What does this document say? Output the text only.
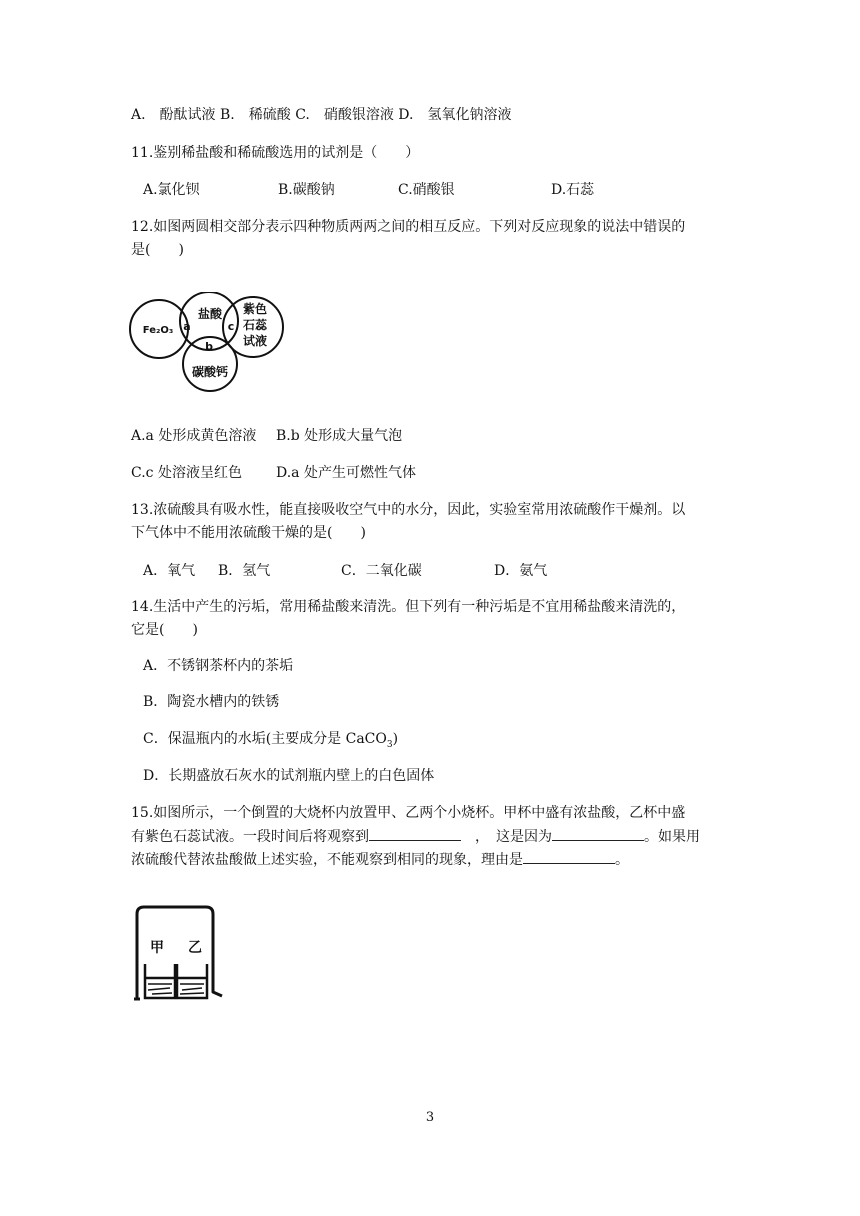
A.　酚酞试液 B.　稀硫酸 C.　硝酸银溶液 D.　氢氧化钠溶液
11.鉴别稀盐酸和稀硫酸选用的试剂是（　　）
A.氯化钡	B.碳酸钠	C.硝酸银	D.石蕊
12.如图两圆相交部分表示四种物质两两之间的相互反应。下列对反应现象的说法中错误的
是(　　)
Fe₂O₃
盐酸 紫色
石蕊
试液
碳酸钙
a
b
c
A.a 处形成黄色溶液 B.b 处形成大量气泡
C.c 处溶液呈红色 D.a 处产生可燃性气体
13.浓硫酸具有吸水性，能直接吸收空气中的水分，因此，实验室常用浓硫酸作干燥剂。以
下气体中不能用浓硫酸干燥的是(　　)
A．氧气 B．氢气	C．二氧化碳	D．氨气
14.生活中产生的污垢，常用稀盐酸来清洗。但下列有一种污垢是不宜用稀盐酸来清洗的，
它是(　　)
A．不锈钢茶杯内的茶垢
B．陶瓷水槽内的铁锈
C．保温瓶内的水垢(主要成分是 CaCO$_3$)
D．长期盛放石灰水的试剂瓶内壁上的白色固体
15.如图所示，一个倒置的大烧杯内放置甲、乙两个小烧杯。甲杯中盛有浓盐酸，乙杯中盛
有紫色石蕊试液。一段时间后将观察到	　，　这是因为	。如果用
浓硫酸代替浓盐酸做上述实验，不能观察到相同的现象，理由是	。
甲 乙
3
